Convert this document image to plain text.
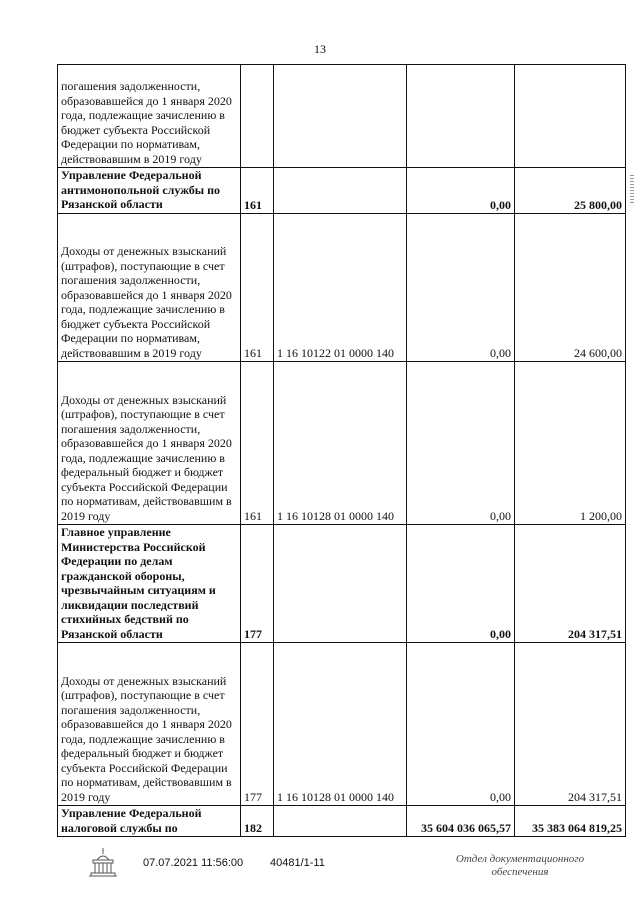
13
погашения задолженности, образовавшейся до 1 января 2020 года, подлежащие зачислению в бюджет субъекта Российской Федерации по нормативам, действовавшим в 2019 году				
Управление Федеральной антимонопольной службы по Рязанской области	161		0,00	25 800,00
Доходы от денежных взысканий (штрафов), поступающие в счет погашения задолженности, образовавшейся до 1 января 2020 года, подлежащие зачислению в бюджет субъекта Российской Федерации по нормативам, действовавшим в 2019 году	161	1 16 10122 01 0000 140	0,00	24 600,00
Доходы от денежных взысканий (штрафов), поступающие в счет погашения задолженности, образовавшейся до 1 января 2020 года, подлежащие зачислению в федеральный бюджет и бюджет субъекта Российской Федерации по нормативам, действовавшим в 2019 году	161	1 16 10128 01 0000 140	0,00	1 200,00
Главное управление Министерства Российской Федерации по делам гражданской обороны, чрезвычайным ситуациям и ликвидации последствий стихийных бедствий по Рязанской области	177		0,00	204 317,51
Доходы от денежных взысканий (штрафов), поступающие в счет погашения задолженности, образовавшейся до 1 января 2020 года, подлежащие зачислению в федеральный бюджет и бюджет субъекта Российской Федерации по нормативам, действовавшим в 2019 году	177	1 16 10128 01 0000 140	0,00	204 317,51
Управление Федеральной налоговой службы по	182		35 604 036 065,57	35 383 064 819,25
07.07.2021 11:56:00 40481/1-11	Отдел документационного
обеспечения
